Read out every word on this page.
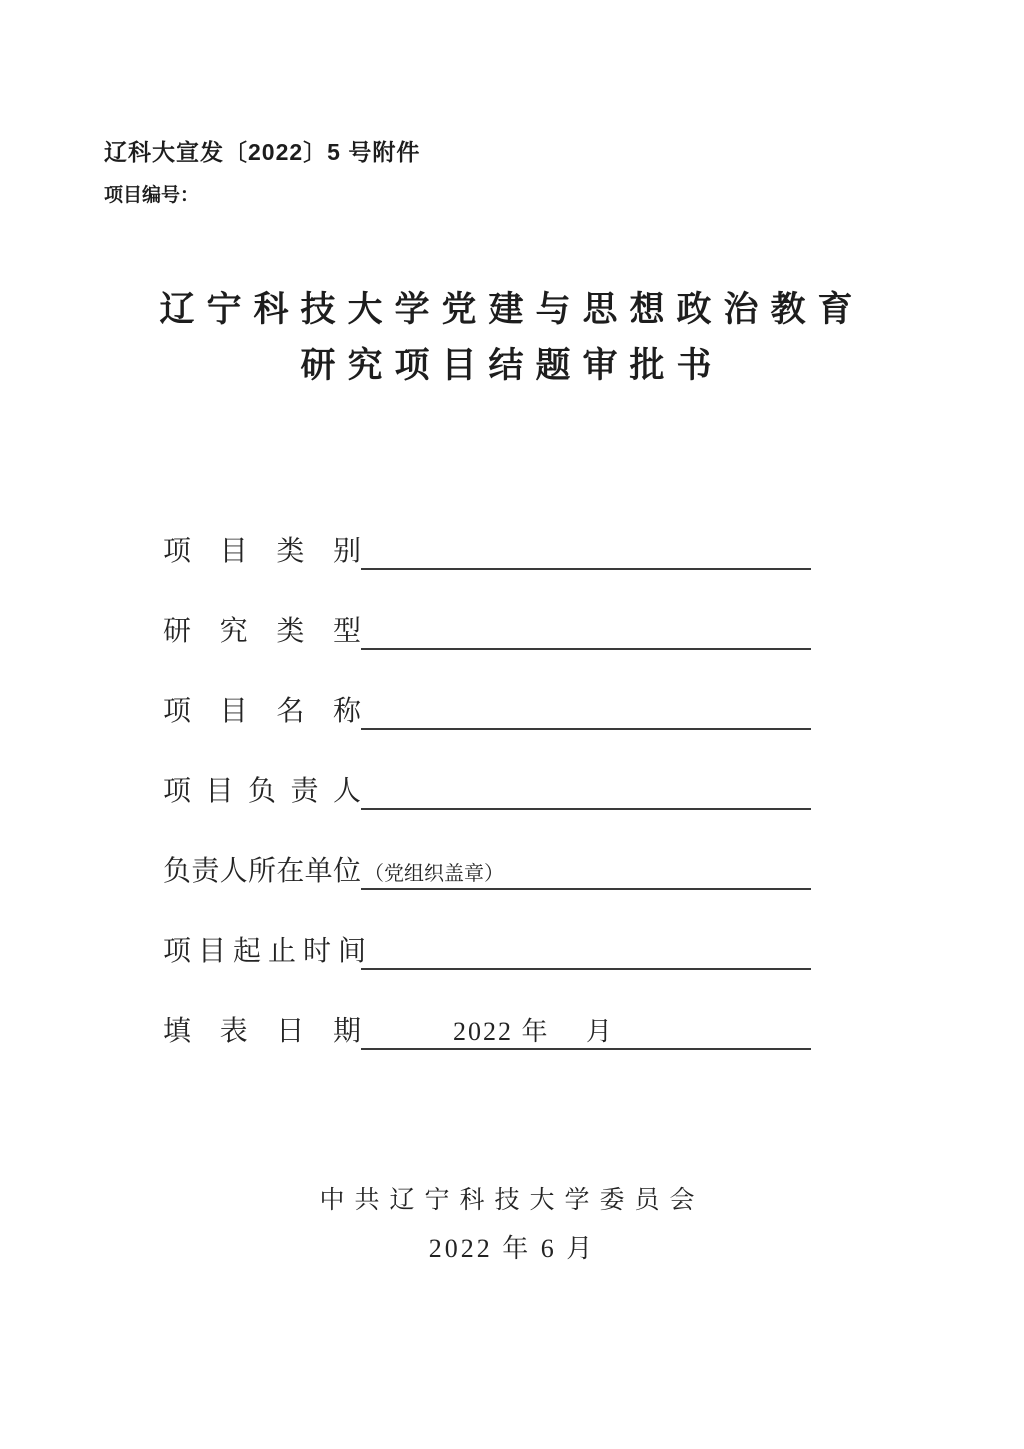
辽科大宣发〔2022〕5 号附件
项目编号：
辽宁科技大学党建与思想政治教育
研究项目结题审批书
项 目 类 别
研 究 类 型
项 目 名 称
项 目 负 责 人
负责人所在单位 （党组织盖章）
项 目 起 止 时 间
填 表 日 期	2022 年　 月
中共辽宁科技大学委员会
2022 年 6 月
